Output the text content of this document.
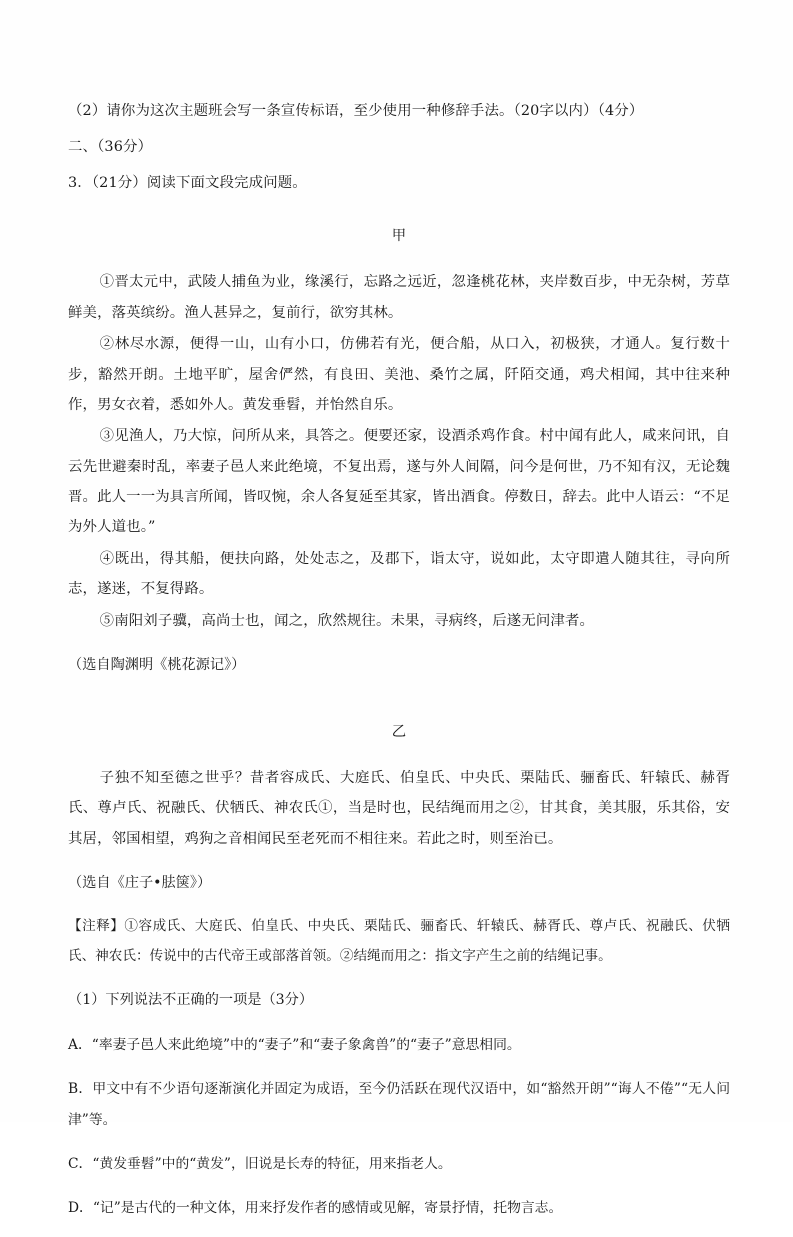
（2）请你为这次主题班会写一条宣传标语，至少使用一种修辞手法。（20字以内）（4分）

二、（36分）

3．（21分）阅读下面文段完成问题。

甲

①晋太元中，武陵人捕鱼为业，缘溪行，忘路之远近，忽逢桃花林，夹岸数百步，中无杂树，芳草鲜美，落英缤纷。渔人甚异之，复前行，欲穷其林。

②林尽水源，便得一山，山有小口，仿佛若有光，便合船，从口入，初极狭，才通人。复行数十步，豁然开朗。土地平旷，屋舍俨然，有良田、美池、桑竹之属，阡陌交通，鸡犬相闻，其中往来种作，男女衣着，悉如外人。黄发垂髫，并怡然自乐。

③见渔人，乃大惊，问所从来，具答之。便要还家，设酒杀鸡作食。村中闻有此人，咸来问讯，自云先世避秦时乱，率妻子邑人来此绝境，不复出焉，遂与外人间隔，问今是何世，乃不知有汉，无论魏晋。此人一一为具言所闻，皆叹惋，余人各复延至其家，皆出酒食。停数日，辞去。此中人语云：“不足为外人道也。”

④既出，得其船，便扶向路，处处志之，及郡下，诣太守，说如此，太守即遣人随其往，寻向所志，遂迷，不复得路。

⑤南阳刘子骥，高尚士也，闻之，欣然规往。未果，寻病终，后遂无问津者。

（选自陶渊明《桃花源记》）

乙

子独不知至德之世乎？昔者容成氏、大庭氏、伯皇氏、中央氏、栗陆氏、骊畜氏、轩辕氏、赫胥氏、尊卢氏、祝融氏、伏牺氏、神农氏①，当是时也，民结绳而用之②，甘其食，美其服，乐其俗，安其居，邻国相望，鸡狗之音相闻民至老死而不相往来。若此之时，则至治已。

（选自《庄子•胠箧》）

【注释】①容成氏、大庭氏、伯皇氏、中央氏、栗陆氏、骊畜氏、轩辕氏、赫胥氏、尊卢氏、祝融氏、伏牺氏、神农氏：传说中的古代帝王或部落首领。②结绳而用之：指文字产生之前的结绳记事。

（1）下列说法不正确的一项是（3分）

A．“率妻子邑人来此绝境”中的“妻子”和“妻子象禽兽”的“妻子”意思相同。

B．甲文中有不少语句逐渐演化并固定为成语，至今仍活跃在现代汉语中，如“豁然开朗”“诲人不倦”“无人问津”等。

C．“黄发垂髫”中的“黄发”，旧说是长寿的特征，用来指老人。

D．“记”是古代的一种文体，用来抒发作者的感情或见解，寄景抒情，托物言志。
